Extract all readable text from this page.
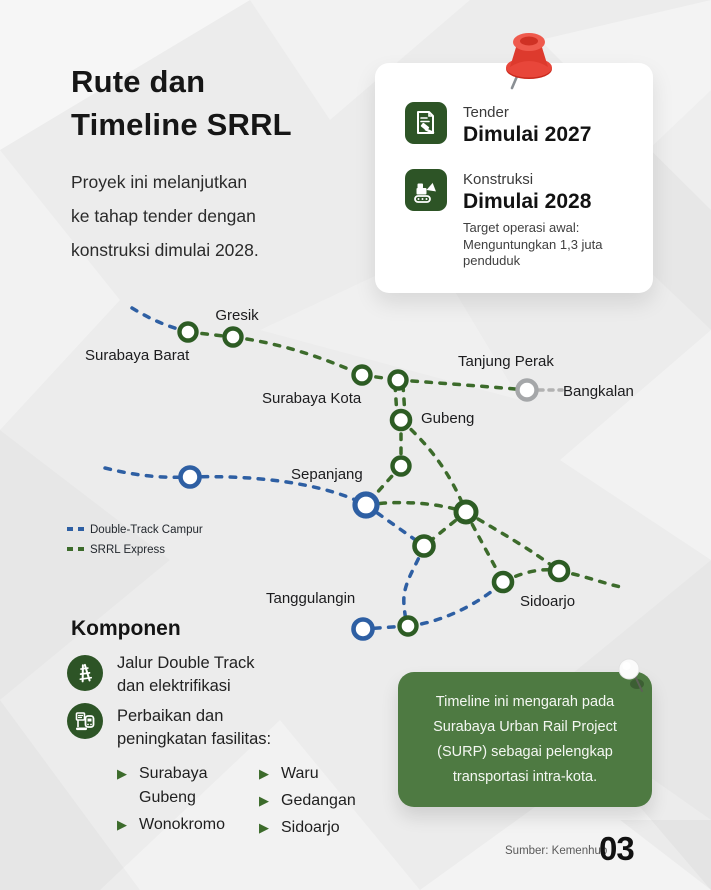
Rute dan
Timeline SRRL
Proyek ini melanjutkan
ke tahap tender dengan
konstruksi dimulai 2028.
Tender
Dimulai 2027
Konstruksi
Dimulai 2028
Target operasi awal:
Menguntungkan 1,3 juta
penduduk
Gresik
Surabaya Barat
Surabaya Kota
Tanjung Perak
Bangkalan
Gubeng
Sepanjang
Tanggulangin	Sidoarjo
Double-Track Campur
SRRL Express
Komponen
Jalur Double Track
dan elektrifikasi
Perbaikan dan
peningkatan fasilitas:
▶ Surabaya Gubeng
▶ Wonokromo
▶ Waru
▶ Gedangan
▶ Sidoarjo
Timeline ini mengarah pada
Surabaya Urban Rail Project
(SURP) sebagai pelengkap
transportasi intra-kota.
Sumber: Kemenhub
03
